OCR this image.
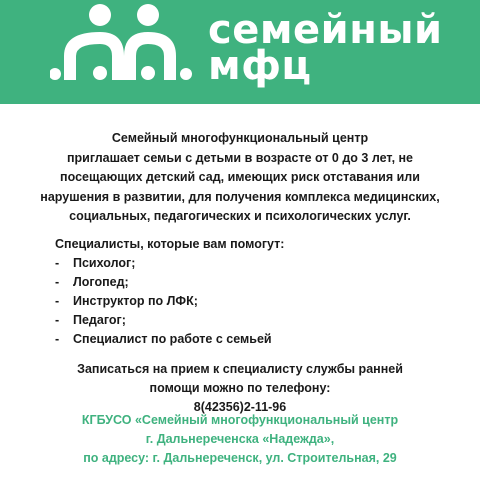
семейный
мфц
Семейный многофункциональный центр
приглашает семьи с детьми в возрасте от 0 до 3 лет, не
посещающих детский сад, имеющих риск отставания или
нарушения в развитии, для получения комплекса медицинских,
социальных, педагогических и психологических услуг.
Специалисты, которые вам помогут:
- Психолог;
- Логопед;
- Инструктор по ЛФК;
- Педагог;
- Специалист по работе с семьей
Записаться на прием к специалисту службы ранней
помощи можно по телефону:
8(42356)2-11-96
КГБУСО «Семейный многофункциональный центр
г. Дальнереченска «Надежда»,
по адресу: г. Дальнереченск, ул. Строительная, 29
